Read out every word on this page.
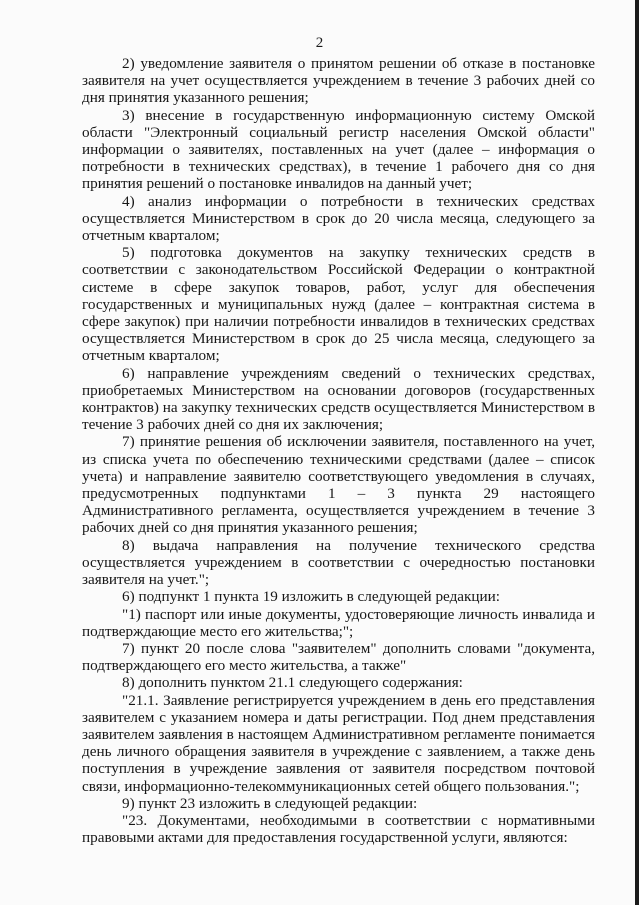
2

2) уведомление заявителя о принятом решении об отказе в постановке заявителя на учет осуществляется учреждением в течение 3 рабочих дней со дня принятия указанного решения;

3) внесение в государственную информационную систему Омской области "Электронный социальный регистр населения Омской области" информации о заявителях, поставленных на учет (далее – информация о потребности в технических средствах), в течение 1 рабочего дня со дня принятия решений о постановке инвалидов на данный учет;

4) анализ информации о потребности в технических средствах осуществляется Министерством в срок до 20 числа месяца, следующего за отчетным кварталом;

5) подготовка документов на закупку технических средств в соответствии с законодательством Российской Федерации о контрактной системе в сфере закупок товаров, работ, услуг для обеспечения государственных и муниципальных нужд (далее – контрактная система в сфере закупок) при наличии потребности инвалидов в технических средствах осуществляется Министерством в срок до 25 числа месяца, следующего за отчетным кварталом;

6) направление учреждениям сведений о технических средствах, приобретаемых Министерством на основании договоров (государственных контрактов) на закупку технических средств осуществляется Министерством в течение 3 рабочих дней со дня их заключения;

7) принятие решения об исключении заявителя, поставленного на учет, из списка учета по обеспечению техническими средствами (далее – список учета) и направление заявителю соответствующего уведомления в случаях, предусмотренных подпунктами 1 – 3 пункта 29 настоящего Административного регламента, осуществляется учреждением в течение 3 рабочих дней со дня принятия указанного решения;

8) выдача направления на получение технического средства осуществляется учреждением в соответствии с очередностью постановки заявителя на учет.";

6) подпункт 1 пункта 19 изложить в следующей редакции:

"1) паспорт или иные документы, удостоверяющие личность инвалида и подтверждающие место его жительства;";

7) пункт 20 после слова "заявителем" дополнить словами "документа, подтверждающего его место жительства, а также"

8) дополнить пунктом 21.1 следующего содержания:

"21.1. Заявление регистрируется учреждением в день его представления заявителем с указанием номера и даты регистрации. Под днем представления заявителем заявления в настоящем Административном регламенте понимается день личного обращения заявителя в учреждение с заявлением, а также день поступления в учреждение заявления от заявителя посредством почтовой связи, информационно-телекоммуникационных сетей общего пользования.";

9) пункт 23 изложить в следующей редакции:

"23. Документами, необходимыми в соответствии с нормативными правовыми актами для предоставления государственной услуги, являются:
